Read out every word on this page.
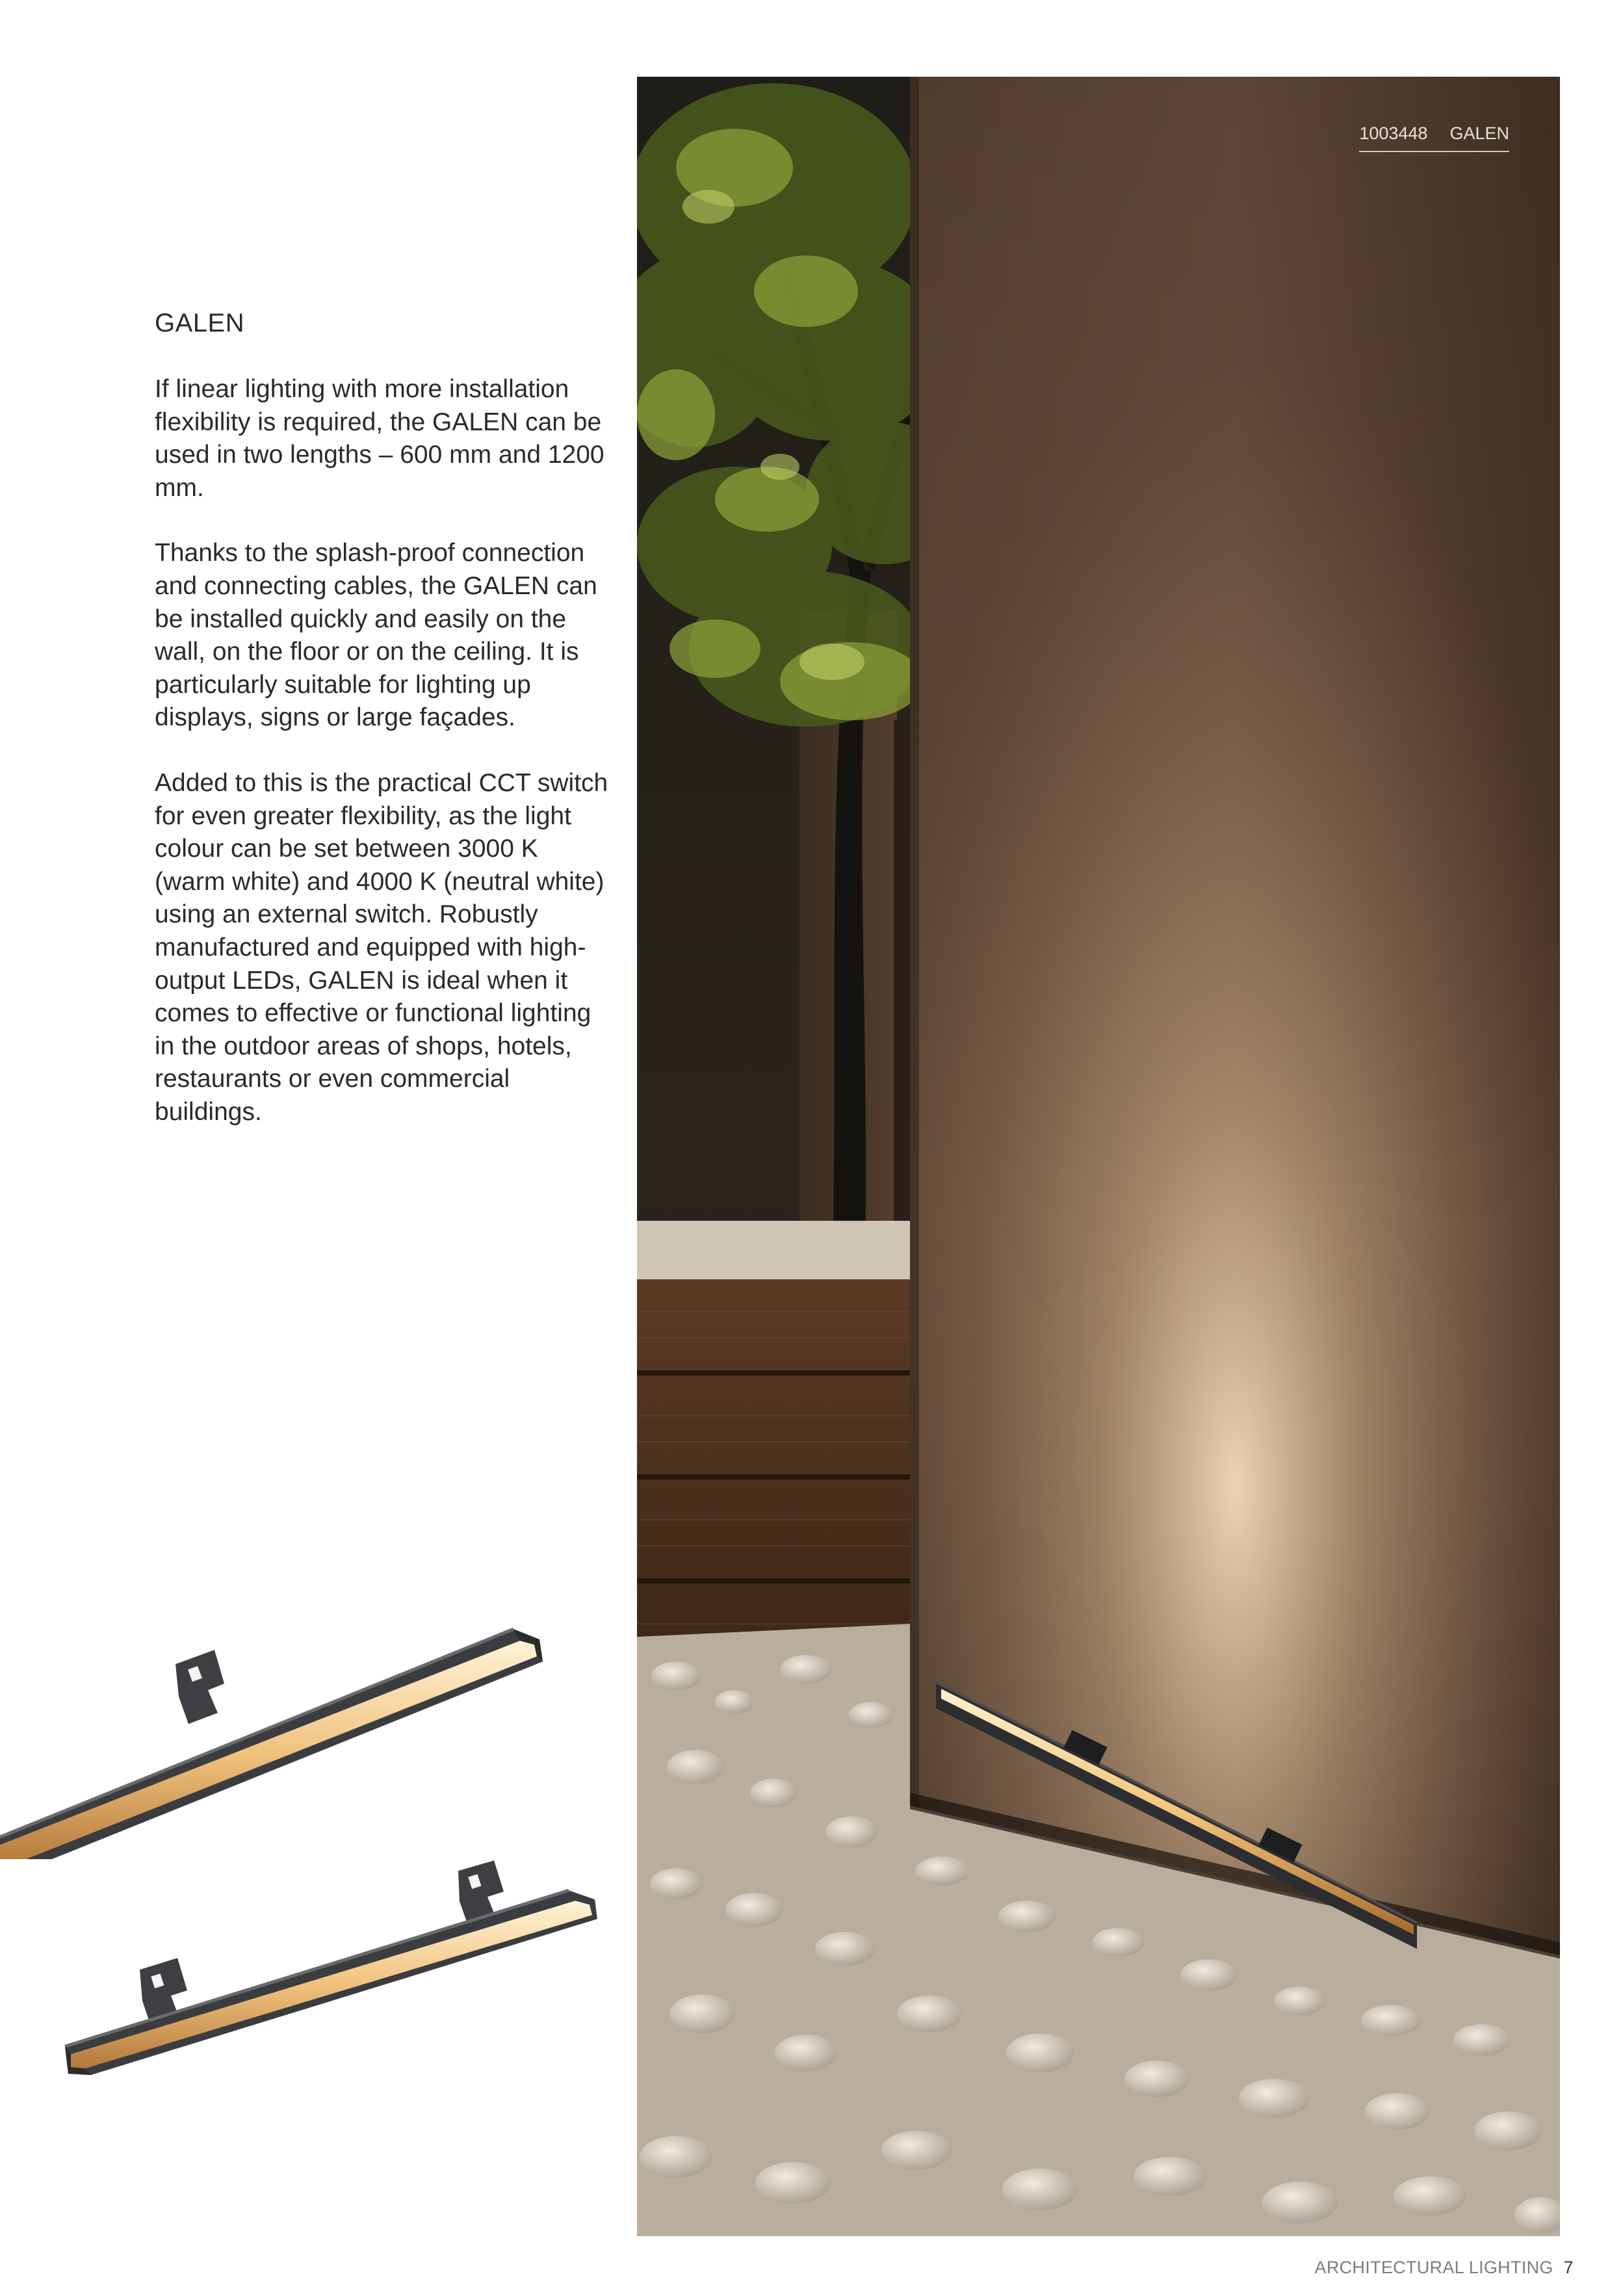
GALEN

If linear lighting with more installation flexibility is required, the GALEN can be used in two lengths – 600 mm and 1200 mm.

Thanks to the splash-proof connection and connecting cables, the GALEN can be installed quickly and easily on the wall, on the floor or on the ceiling. It is particularly suitable for lighting up displays, signs or large façades.

Added to this is the practical CCT switch for even greater flexibility, as the light colour can be set between 3000 K (warm white) and 4000 K (neutral white) using an external switch. Robustly manufactured and equipped with high-output LEDs, GALEN is ideal when it comes to effective or functional lighting in the outdoor areas of shops, hotels, restaurants or even commercial buildings.

1003448 GALEN
ARCHITECTURAL LIGHTING 7
